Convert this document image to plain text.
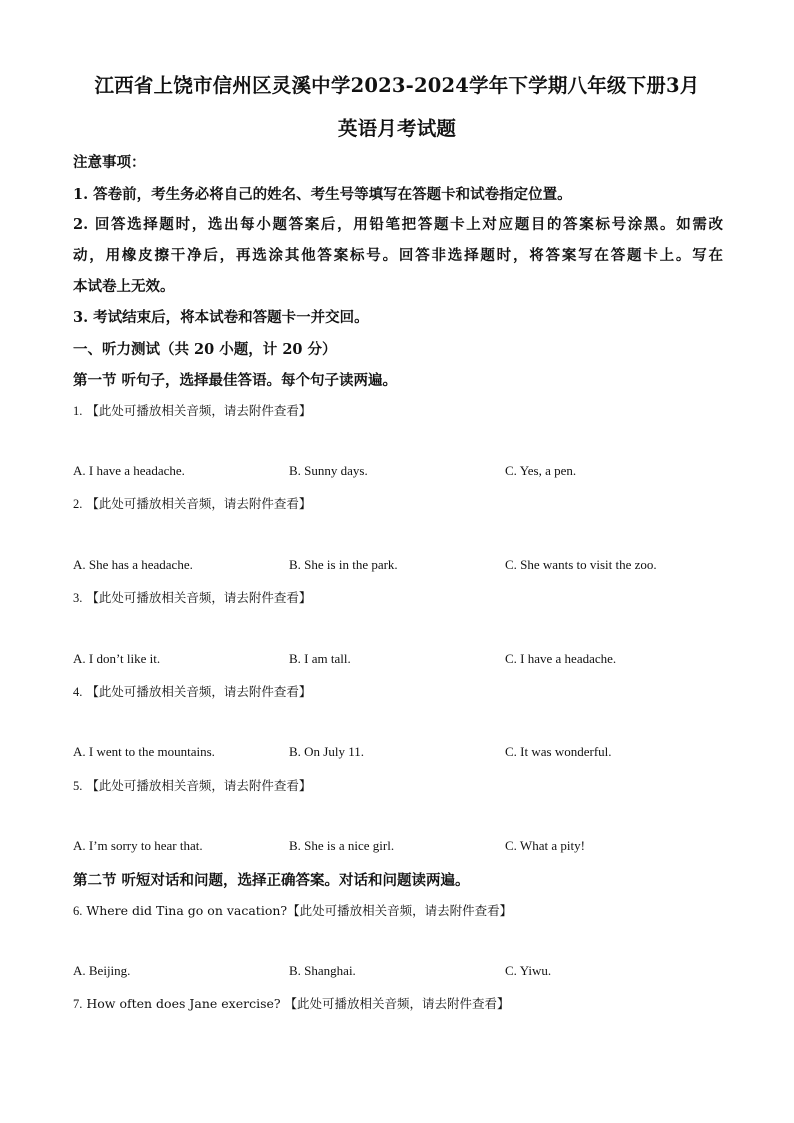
江西省上饶市信州区灵溪中学2023-2024学年下学期八年级下册3月
英语月考试题
注意事项：
1. 答卷前，考生务必将自己的姓名、考生号等填写在答题卡和试卷指定位置。
2. 回答选择题时，选出每小题答案后，用铅笔把答题卡上对应题目的答案标号涂黑。如需改
动，用橡皮擦干净后，再选涂其他答案标号。回答非选择题时，将答案写在答题卡上。写在
本试卷上无效。
3. 考试结束后，将本试卷和答题卡一并交回。
一、听力测试（共 20 小题，计 20 分）
第一节 听句子，选择最佳答语。每个句子读两遍。
1. 【此处可播放相关音频，请去附件查看】
A. I have a headache.	B. Sunny days.	C. Yes, a pen.
2. 【此处可播放相关音频，请去附件查看】
A. She has a headache.	B. She is in the park.	C. She wants to visit the zoo.
3. 【此处可播放相关音频，请去附件查看】
A. I don’t like it.	B. I am tall.	C. I have a headache.
4. 【此处可播放相关音频，请去附件查看】
A. I went to the mountains.	B. On July 11.	C. It was wonderful.
5. 【此处可播放相关音频，请去附件查看】
A. I’m sorry to hear that.	B. She is a nice girl.	C. What a pity!
第二节 听短对话和问题，选择正确答案。对话和问题读两遍。
6. Where did Tina go on vacation?【此处可播放相关音频，请去附件查看】
A. Beijing.	B. Shanghai.	C. Yiwu.
7. How often does Jane exercise? 【此处可播放相关音频，请去附件查看】
